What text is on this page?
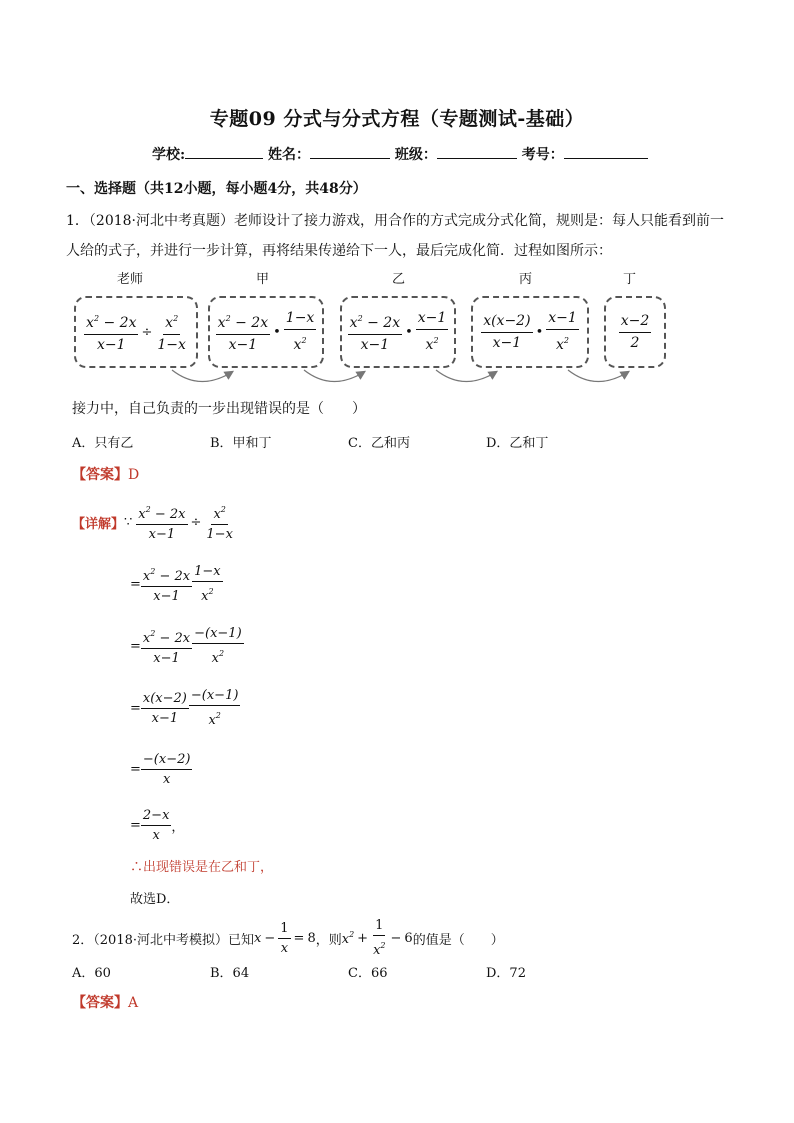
专题09 分式与分式方程（专题测试-基础）
学校:	姓名：	班级：	考号：
一、选择题（共12小题，每小题4分，共48分）
1．（2018·河北中考真题）老师设计了接力游戏，用合作的方式完成分式化简，规则是：每人只能看到前一
人给的式子，并进行一步计算，再将结果传递给下一人，最后完成化简．过程如图所示：
老师	甲	乙	丙	丁
$\frac{x^2 - 2x}{x-1} \div \frac{x^2}{1-x} \frac{x^2 - 2x}{x-1}$ • $\frac{1-x}{x^2} \frac{x^2 - 2x}{x-1}$ • $\frac{x-1}{x^2} \frac{x(x-2)}{x-1}$ • $\frac{x-1}{x^2}$	$\frac{x-2}{2}$
接力中，自己负责的一步出现错误的是（　　）
A．只有乙	B．甲和丁	C．乙和丙	D．乙和丁
【答案】D
【详解】 ∵ $\frac{x^2 - 2x}{x-1} \div \frac{x^2}{1-x}$
= $\frac{x^2 - 2x}{x-1} \frac{1-x}{x^2}$
= $\frac{x^2 - 2x}{x-1} \frac{-(x-1)}{x^2}$
= $\frac{x(x-2)}{x-1} \frac{-(x-1)}{x^2}$
= $\frac{-(x-2)}{x}$
= $\frac{2-x}{x}$ ，
∴出现错误是在乙和丁，
故选D．
2．（2018·河北中考模拟）已知 $x - \frac{1}{x} = 8$ ，则 $x^2 + \frac{1}{x^2} - 6$ 的值是（　　）
A．60	B．64	C．66	D．72
【答案】A
